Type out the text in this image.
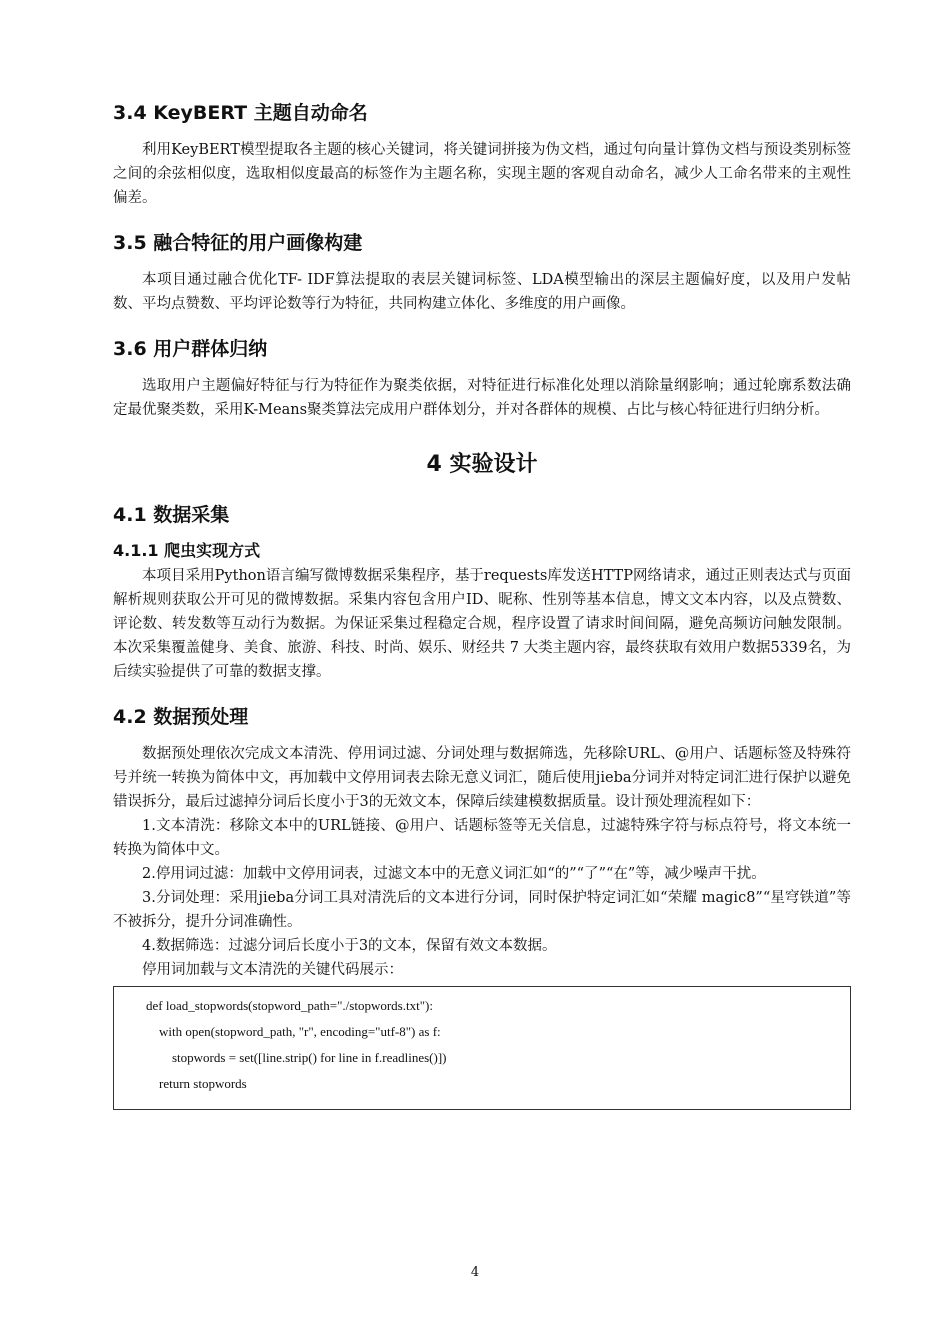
3.4 KeyBERT 主题自动命名

利用KeyBERT模型提取各主题的核心关键词，将关键词拼接为伪文档，通过句向量计算伪文档与预设类别标签之间的余弦相似度，选取相似度最高的标签作为主题名称，实现主题的客观自动命名，减少人工命名带来的主观性偏差。

3.5 融合特征的用户画像构建

本项目通过融合优化TF- IDF算法提取的表层关键词标签、LDA模型输出的深层主题偏好度，以及用户发帖数、平均点赞数、平均评论数等行为特征，共同构建立体化、多维度的用户画像。

3.6 用户群体归纳

选取用户主题偏好特征与行为特征作为聚类依据，对特征进行标准化处理以消除量纲影响；通过轮廓系数法确定最优聚类数，采用K-Means聚类算法完成用户群体划分，并对各群体的规模、占比与核心特征进行归纳分析。

4 实验设计
4.1 数据采集
4.1.1 爬虫实现方式

本项目采用Python语言编写微博数据采集程序，基于requests库发送HTTP网络请求，通过正则表达式与页面解析规则获取公开可见的微博数据。采集内容包含用户ID、昵称、性别等基本信息，博文文本内容，以及点赞数、评论数、转发数等互动行为数据。为保证采集过程稳定合规，程序设置了请求时间间隔，避免高频访问触发限制。本次采集覆盖健身、美食、旅游、科技、时尚、娱乐、财经共 7 大类主题内容，最终获取有效用户数据5339名，为后续实验提供了可靠的数据支撑。

4.2 数据预处理

数据预处理依次完成文本清洗、停用词过滤、分词处理与数据筛选，先移除URL、@用户、话题标签及特殊符号并统一转换为简体中文，再加载中文停用词表去除无意义词汇，随后使用jieba分词并对特定词汇进行保护以避免错误拆分，最后过滤掉分词后长度小于3的无效文本，保障后续建模数据质量。设计预处理流程如下：

1.文本清洗：移除文本中的URL链接、@用户、话题标签等无关信息，过滤特殊字符与标点符号，将文本统一转换为简体中文。

2.停用词过滤：加载中文停用词表，过滤文本中的无意义词汇如“的”“了”“在”等，减少噪声干扰。

3.分词处理：采用jieba分词工具对清洗后的文本进行分词，同时保护特定词汇如“荣耀 magic8”“星穹铁道”等不被拆分，提升分词准确性。

4.数据筛选：过滤分词后长度小于3的文本，保留有效文本数据。

停用词加载与文本清洗的关键代码展示：

def load_stopwords(stopword_path="./stopwords.txt"):
with open(stopword_path, "r", encoding="utf-8") as f:
stopwords = set([line.strip() for line in f.readlines()])
return stopwords
4
